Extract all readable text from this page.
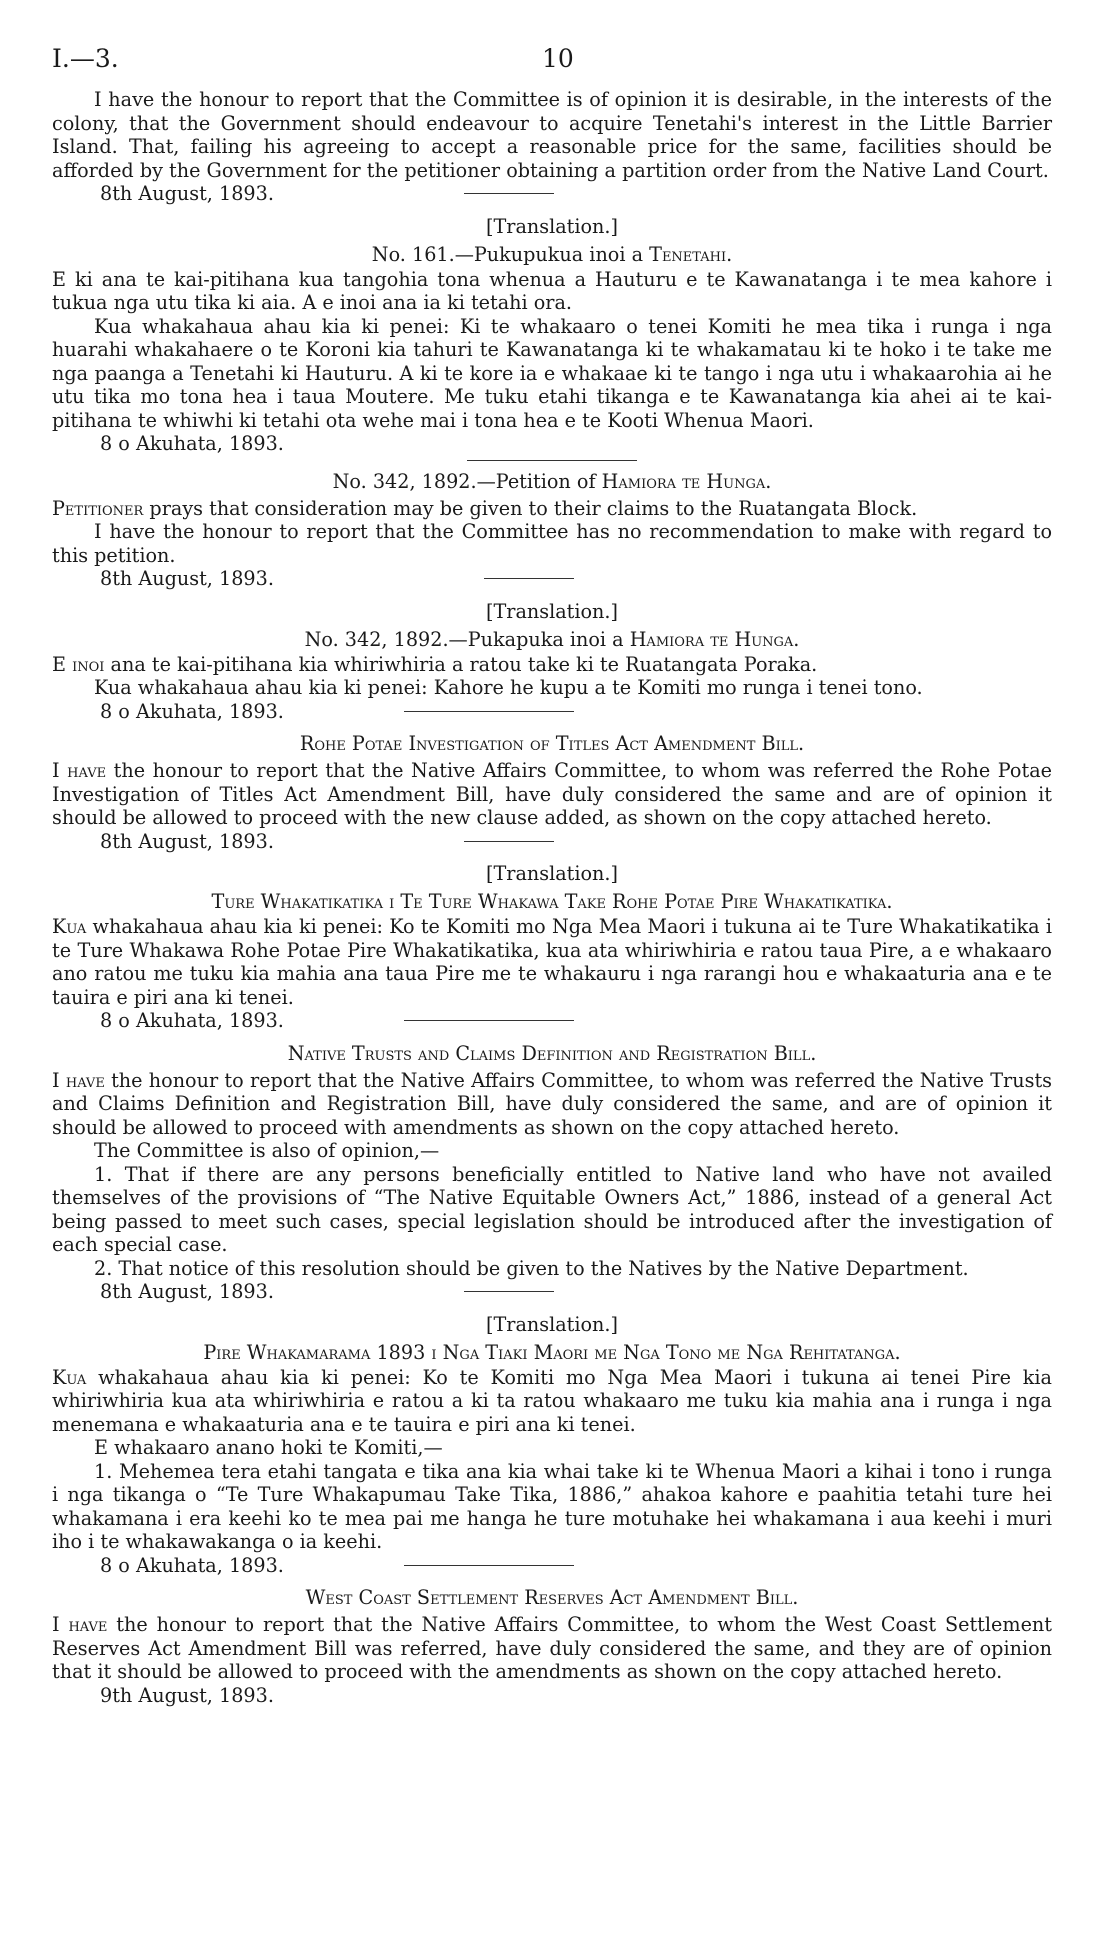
I.—3.	10

I have the honour to report that the Committee is of opinion it is desirable, in the interests of the colony, that the Government should endeavour to acquire Tenetahi's interest in the Little Barrier Island. That, failing his agreeing to accept a reasonable price for the same, facilities should be afforded by the Government for the petitioner obtaining a partition order from the Native Land Court.

8th August, 1893.

[Translation.]
No. 161.—Pukupukua inoi a Tenetahi.

E ki ana te kai-pitihana kua tangohia tona whenua a Hauturu e te Kawanatanga i te mea kahore i tukua nga utu tika ki aia. A e inoi ana ia ki tetahi ora.

Kua whakahaua ahau kia ki penei: Ki te whakaaro o tenei Komiti he mea tika i runga i nga huarahi whakahaere o te Koroni kia tahuri te Kawanatanga ki te whakamatau ki te hoko i te take me nga paanga a Tenetahi ki Hauturu. A ki te kore ia e whakaae ki te tango i nga utu i whakaarohia ai he utu tika mo tona hea i taua Moutere. Me tuku etahi tikanga e te Kawanatanga kia ahei ai te kai-pitihana te whiwhi ki tetahi ota wehe mai i tona hea e te Kooti Whenua Maori.

8 o Akuhata, 1893.

No. 342, 1892.—Petition of Hamiora te Hunga.

Petitioner prays that consideration may be given to their claims to the Ruatangata Block.

I have the honour to report that the Committee has no recommendation to make with regard to this petition.

8th August, 1893.

[Translation.]
No. 342, 1892.—Pukapuka inoi a Hamiora te Hunga.

E inoi ana te kai-pitihana kia whiriwhiria a ratou take ki te Ruatangata Poraka.

Kua whakahaua ahau kia ki penei: Kahore he kupu a te Komiti mo runga i tenei tono.

8 o Akuhata, 1893.

Rohe Potae Investigation of Titles Act Amendment Bill.

I have the honour to report that the Native Affairs Committee, to whom was referred the Rohe Potae Investigation of Titles Act Amendment Bill, have duly considered the same and are of opinion it should be allowed to proceed with the new clause added, as shown on the copy attached hereto.

8th August, 1893.

[Translation.]
Ture Whakatikatika i Te Ture Whakawa Take Rohe Potae Pire Whakatikatika.

Kua whakahaua ahau kia ki penei: Ko te Komiti mo Nga Mea Maori i tukuna ai te Ture Whakatikatika i te Ture Whakawa Rohe Potae Pire Whakatikatika, kua ata whiriwhiria e ratou taua Pire, a e whakaaro ano ratou me tuku kia mahia ana taua Pire me te whakauru i nga rarangi hou e whakaaturia ana e te tauira e piri ana ki tenei.

8 o Akuhata, 1893.

Native Trusts and Claims Definition and Registration Bill.

I have the honour to report that the Native Affairs Committee, to whom was referred the Native Trusts and Claims Definition and Registration Bill, have duly considered the same, and are of opinion it should be allowed to proceed with amendments as shown on the copy attached hereto.

The Committee is also of opinion,—

1. That if there are any persons beneficially entitled to Native land who have not availed themselves of the provisions of “The Native Equitable Owners Act,” 1886, instead of a general Act being passed to meet such cases, special legislation should be introduced after the investigation of each special case.

2. That notice of this resolution should be given to the Natives by the Native Department.

8th August, 1893.

[Translation.]
Pire Whakamarama 1893 i Nga Tiaki Maori me Nga Tono me Nga Rehitatanga.

Kua whakahaua ahau kia ki penei: Ko te Komiti mo Nga Mea Maori i tukuna ai tenei Pire kia whiriwhiria kua ata whiriwhiria e ratou a ki ta ratou whakaaro me tuku kia mahia ana i runga i nga menemana e whakaaturia ana e te tauira e piri ana ki tenei.

E whakaaro anano hoki te Komiti,—

1. Mehemea tera etahi tangata e tika ana kia whai take ki te Whenua Maori a kihai i tono i runga i nga tikanga o “Te Ture Whakapumau Take Tika, 1886,” ahakoa kahore e paahitia tetahi ture hei whakamana i era keehi ko te mea pai me hanga he ture motuhake hei whakamana i aua keehi i muri iho i te whakawakanga o ia keehi.

8 o Akuhata, 1893.

West Coast Settlement Reserves Act Amendment Bill.

I have the honour to report that the Native Affairs Committee, to whom the West Coast Settlement Reserves Act Amendment Bill was referred, have duly considered the same, and they are of opinion that it should be allowed to proceed with the amendments as shown on the copy attached hereto.

9th August, 1893.
